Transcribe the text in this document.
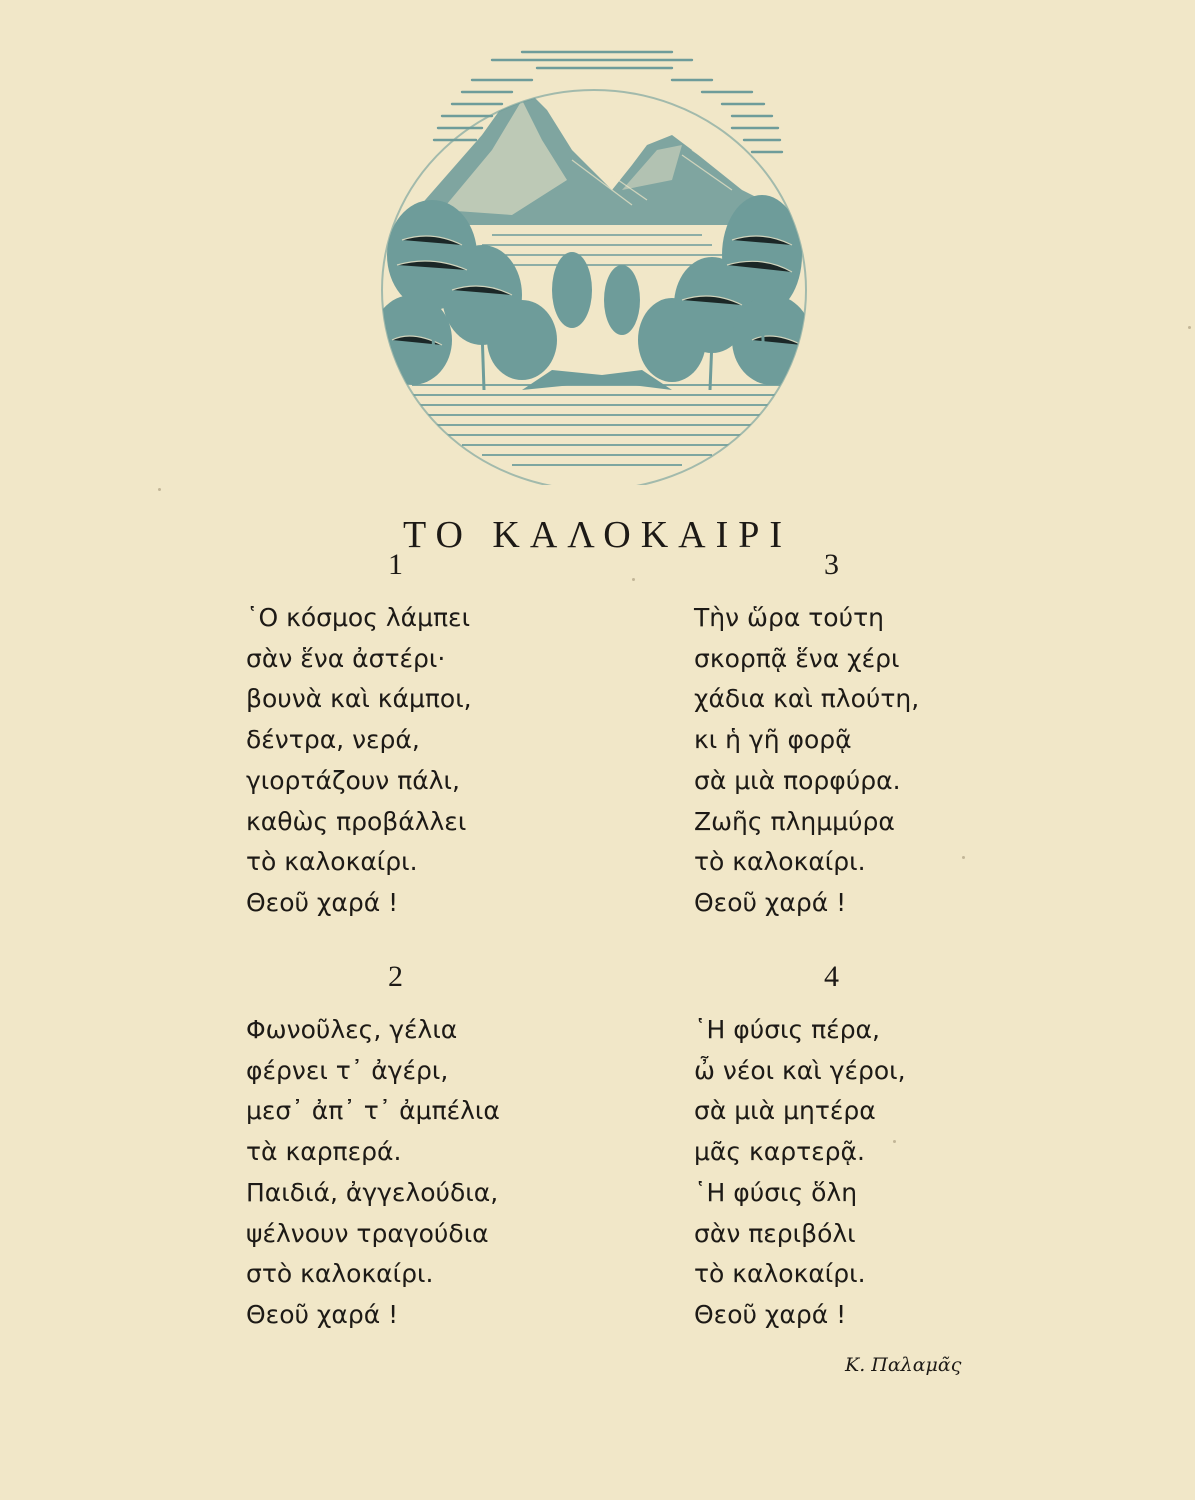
ΤΟ ΚΑΛΟΚΑΙΡΙ
1
῾Ο κόσμος λάμπει
σὰν ἕνα ἀστέρι·
βουνὰ καὶ κάμποι,
δέντρα, νερά,
γιορτάζουν πάλι,
καθὼς προβάλλει
τὸ καλοκαίρι.
Θεοῦ χαρά !
3
Τὴν ὥρα τούτη
σκορπᾷ ἕνα χέρι
χάδια καὶ πλούτη,
κι ἡ γῆ φορᾷ
σὰ μιὰ πορφύρα.
Ζωῆς πλημμύρα
τὸ καλοκαίρι.
Θεοῦ χαρά !
2
Φωνοῦλες, γέλια
φέρνει τ᾿ ἀγέρι,
μεσ᾿ ἀπ᾿ τ᾿ ἀμπέλια
τὰ καρπερά.
Παιδιά, ἀγγελούδια,
ψέλνουν τραγούδια
στὸ καλοκαίρι.
Θεοῦ χαρά !
4
῾Η φύσις πέρα,
ὦ νέοι καὶ γέροι,
σὰ μιὰ μητέρα
μᾶς καρτερᾷ.
῾Η φύσις ὅλη
σὰν περιβόλι
τὸ καλοκαίρι.
Θεοῦ χαρά !
Κ. Παλαμᾶς
